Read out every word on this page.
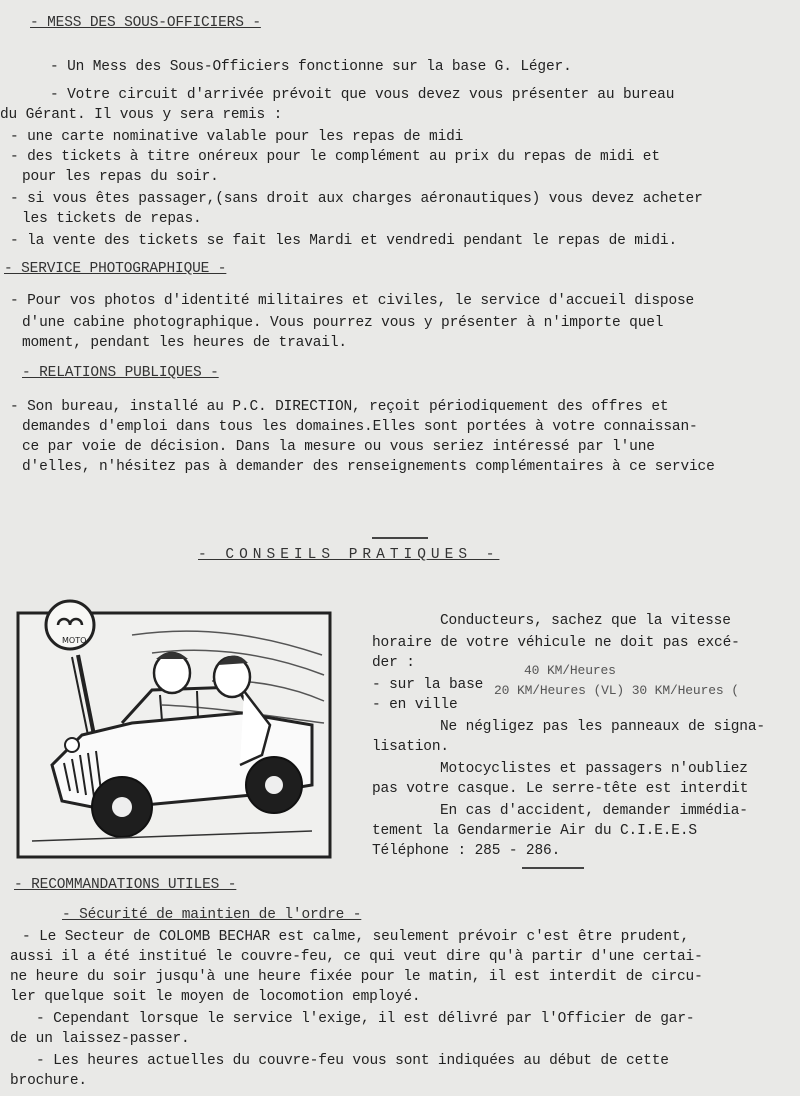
- MESS DES SOUS-OFFICIERS -
- Un Mess des Sous-Officiers fonctionne sur la base G. Léger.
- Votre circuit d'arrivée prévoit que vous devez vous présenter au bureau
du Gérant. Il vous y sera remis :
- une carte nominative valable pour les repas de midi
- des tickets à titre onéreux pour le complément au prix du repas de midi et
pour les repas du soir.
- si vous êtes passager,(sans droit aux charges aéronautiques) vous devez acheter
les tickets de repas.
- la vente des tickets se fait les Mardi et vendredi pendant le repas de midi.
- SERVICE PHOTOGRAPHIQUE -
- Pour vos photos d'identité militaires et civiles, le service d'accueil dispose
d'une cabine photographique. Vous pourrez vous y présenter à n'importe quel
moment, pendant les heures de travail.
- RELATIONS PUBLIQUES -
- Son bureau, installé au P.C. DIRECTION, reçoit périodiquement des offres et
demandes d'emploi dans tous les domaines.Elles sont portées à votre connaissan-
ce par voie de décision. Dans la mesure ou vous seriez intéressé par l'une
d'elles, n'hésitez pas à demander des renseignements complémentaires à ce service
- CONSEILS PRATIQUES -
MOTO
Conducteurs, sachez que la vitesse
horaire de votre véhicule ne doit pas excé-
der :	40 KM/Heures
- sur la base 20 KM/Heures (VL) 30 KM/Heures (
- en ville
Ne négligez pas les panneaux de signa-
lisation.
Motocyclistes et passagers n'oubliez
pas votre casque. Le serre-tête est interdit
En cas d'accident, demander immédia-
tement la Gendarmerie Air du C.I.E.E.S
Téléphone : 285 - 286.
- RECOMMANDATIONS UTILES -
- Sécurité de maintien de l'ordre -
- Le Secteur de COLOMB BECHAR est calme, seulement prévoir c'est être prudent,
aussi il a été institué le couvre-feu, ce qui veut dire qu'à partir d'une certai-
ne heure du soir jusqu'à une heure fixée pour le matin, il est interdit de circu-
ler quelque soit le moyen de locomotion employé.
- Cependant lorsque le service l'exige, il est délivré par l'Officier de gar-
de un laissez-passer.
- Les heures actuelles du couvre-feu vous sont indiquées au début de cette
brochure.
